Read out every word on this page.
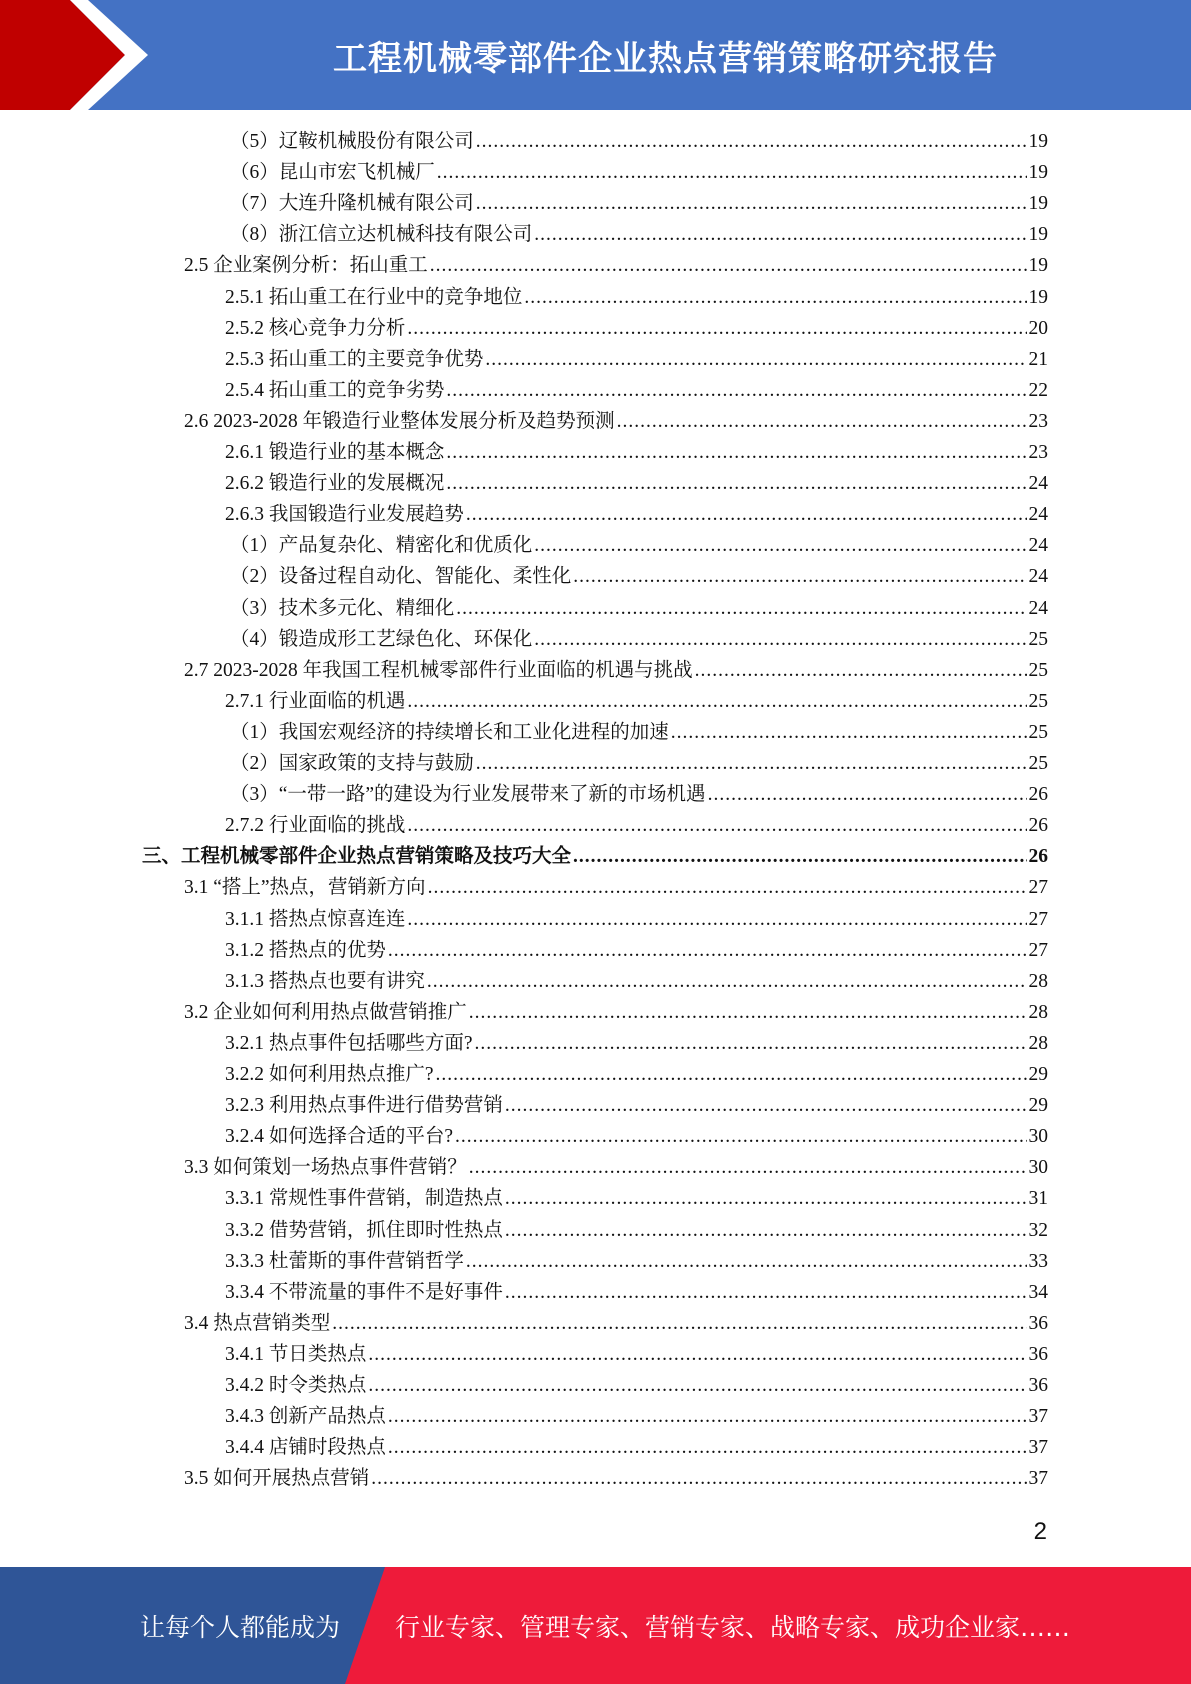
工程机械零部件企业热点营销策略研究报告
（5）辽鞍机械股份有限公司 .....	19
（6）昆山市宏飞机械厂 .....	19
（7）大连升隆机械有限公司 .....	19
（8）浙江信立达机械科技有限公司 .....	19
2.5 企业案例分析：拓山重工 .....	19
2.5.1 拓山重工在行业中的竞争地位 .....	19
2.5.2 核心竞争力分析 .....	20
2.5.3 拓山重工的主要竞争优势 .....	21
2.5.4 拓山重工的竞争劣势 .....	22
2.6 2023-2028 年锻造行业整体发展分析及趋势预测 .....	23
2.6.1 锻造行业的基本概念 .....	23
2.6.2 锻造行业的发展概况 .....	24
2.6.3 我国锻造行业发展趋势 .....	24
（1）产品复杂化、精密化和优质化 .....	24
（2）设备过程自动化、智能化、柔性化 .....	24
（3）技术多元化、精细化 .....	24
（4）锻造成形工艺绿色化、环保化 .....	25
2.7 2023-2028 年我国工程机械零部件行业面临的机遇与挑战 .....	25
2.7.1 行业面临的机遇 .....	25
（1）我国宏观经济的持续增长和工业化进程的加速 .....	25
（2）国家政策的支持与鼓励 .....	25
（3）“一带一路”的建设为行业发展带来了新的市场机遇 .....	26
2.7.2 行业面临的挑战 .....	26
三、工程机械零部件企业热点营销策略及技巧大全 .....	26
3.1 “搭上”热点，营销新方向 .....	27
3.1.1 搭热点惊喜连连 .....	27
3.1.2 搭热点的优势 .....	27
3.1.3 搭热点也要有讲究 .....	28
3.2 企业如何利用热点做营销推广 .....	28
3.2.1 热点事件包括哪些方面? .....	28
3.2.2 如何利用热点推广? .....	29
3.2.3 利用热点事件进行借势营销 .....	29
3.2.4 如何选择合适的平台? .....	30
3.3 如何策划一场热点事件营销？ .....	30
3.3.1 常规性事件营销，制造热点 .....	31
3.3.2 借势营销，抓住即时性热点 .....	32
3.3.3 杜蕾斯的事件营销哲学 .....	33
3.3.4 不带流量的事件不是好事件 .....	34
3.4 热点营销类型 .....	36
3.4.1 节日类热点 .....	36
3.4.2 时令类热点 .....	36
3.4.3 创新产品热点 .....	37
3.4.4 店铺时段热点 .....	37
3.5 如何开展热点营销 .....	37
2
让每个人都能成为 行业专家、管理专家、营销专家、战略专家、成功企业家……
